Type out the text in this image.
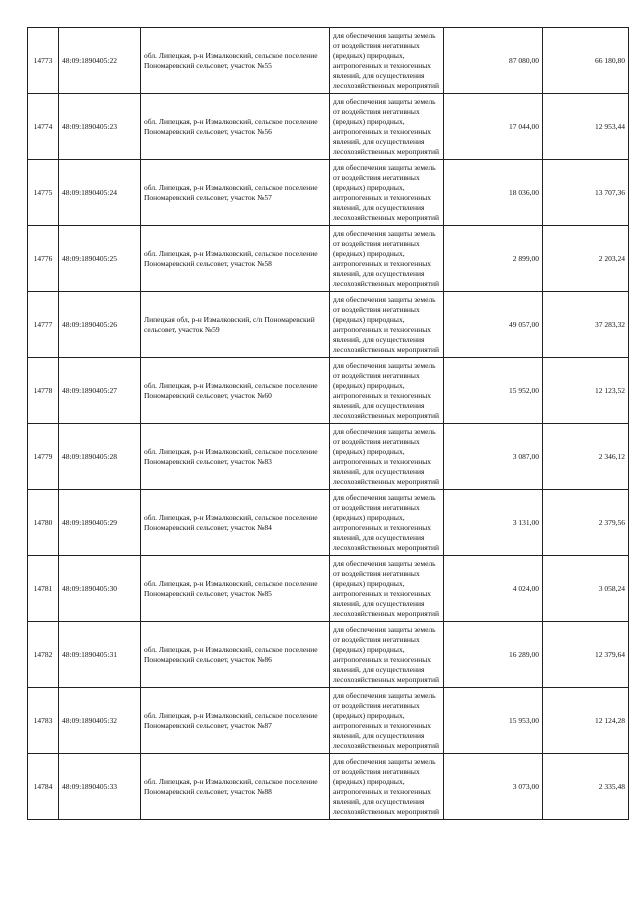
14773	48:09:1890405:22	обл. Липецкая, р-н Измалковский, сельское поселение Пономаревский сельсовет, участок №55	для обеспечения защиты земель от воздействия негативных (вредных) природных, антропогенных и техногенных явлений, для осуществления лесохозяйственных мероприятий	87 080,00	66 180,80
14774	48:09:1890405:23	обл. Липецкая, р-н Измалковский, сельское поселение Пономаревский сельсовет, участок №56	для обеспечения защиты земель от воздействия негативных (вредных) природных, антропогенных и техногенных явлений, для осуществления лесохозяйственных мероприятий	17 044,00	12 953,44
14775	48:09:1890405:24	обл. Липецкая, р-н Измалковский, сельское поселение Пономаревский сельсовет, участок №57	для обеспечения защиты земель от воздействия негативных (вредных) природных, антропогенных и техногенных явлений, для осуществления лесохозяйственных мероприятий	18 036,00	13 707,36
14776	48:09:1890405:25	обл. Липецкая, р-н Измалковский, сельское поселение Пономаревский сельсовет, участок №58	для обеспечения защиты земель от воздействия негативных (вредных) природных, антропогенных и техногенных явлений, для осуществления лесохозяйственных мероприятий	2 899,00	2 203,24
14777	48:09:1890405:26	Липецкая обл, р-н Измалковский, с/п Пономаревский сельсовет, участок №59	для обеспечения защиты земель от воздействия негативных (вредных) природных, антропогенных и техногенных явлений, для осуществления лесохозяйственных мероприятий	49 057,00	37 283,32
14778	48:09:1890405:27	обл. Липецкая, р-н Измалковский, сельское поселение Пономаревский сельсовет, участок №60	для обеспечения защиты земель от воздействия негативных (вредных) природных, антропогенных и техногенных явлений, для осуществления лесохозяйственных мероприятий	15 952,00	12 123,52
14779	48:09:1890405:28	обл. Липецкая, р-н Измалковский, сельское поселение Пономаревский сельсовет, участок №83	для обеспечения защиты земель от воздействия негативных (вредных) природных, антропогенных и техногенных явлений, для осуществления лесохозяйственных мероприятий	3 087,00	2 346,12
14780	48:09:1890405:29	обл. Липецкая, р-н Измалковский, сельское поселение Пономаревский сельсовет, участок №84	для обеспечения защиты земель от воздействия негативных (вредных) природных, антропогенных и техногенных явлений, для осуществления лесохозяйственных мероприятий	3 131,00	2 379,56
14781	48:09:1890405:30	обл. Липецкая, р-н Измалковский, сельское поселение Пономаревский сельсовет, участок №85	для обеспечения защиты земель от воздействия негативных (вредных) природных, антропогенных и техногенных явлений, для осуществления лесохозяйственных мероприятий	4 024,00	3 058,24
14782	48:09:1890405:31	обл. Липецкая, р-н Измалковский, сельское поселение Пономаревский сельсовет, участок №86	для обеспечения защиты земель от воздействия негативных (вредных) природных, антропогенных и техногенных явлений, для осуществления лесохозяйственных мероприятий	16 289,00	12 379,64
14783	48:09:1890405:32	обл. Липецкая, р-н Измалковский, сельское поселение Пономаревский сельсовет, участок №87	для обеспечения защиты земель от воздействия негативных (вредных) природных, антропогенных и техногенных явлений, для осуществления лесохозяйственных мероприятий	15 953,00	12 124,28
14784	48:09:1890405:33	обл. Липецкая, р-н Измалковский, сельское поселение Пономаревский сельсовет, участок №88	для обеспечения защиты земель от воздействия негативных (вредных) природных, антропогенных и техногенных явлений, для осуществления лесохозяйственных мероприятий	3 073,00	2 335,48
